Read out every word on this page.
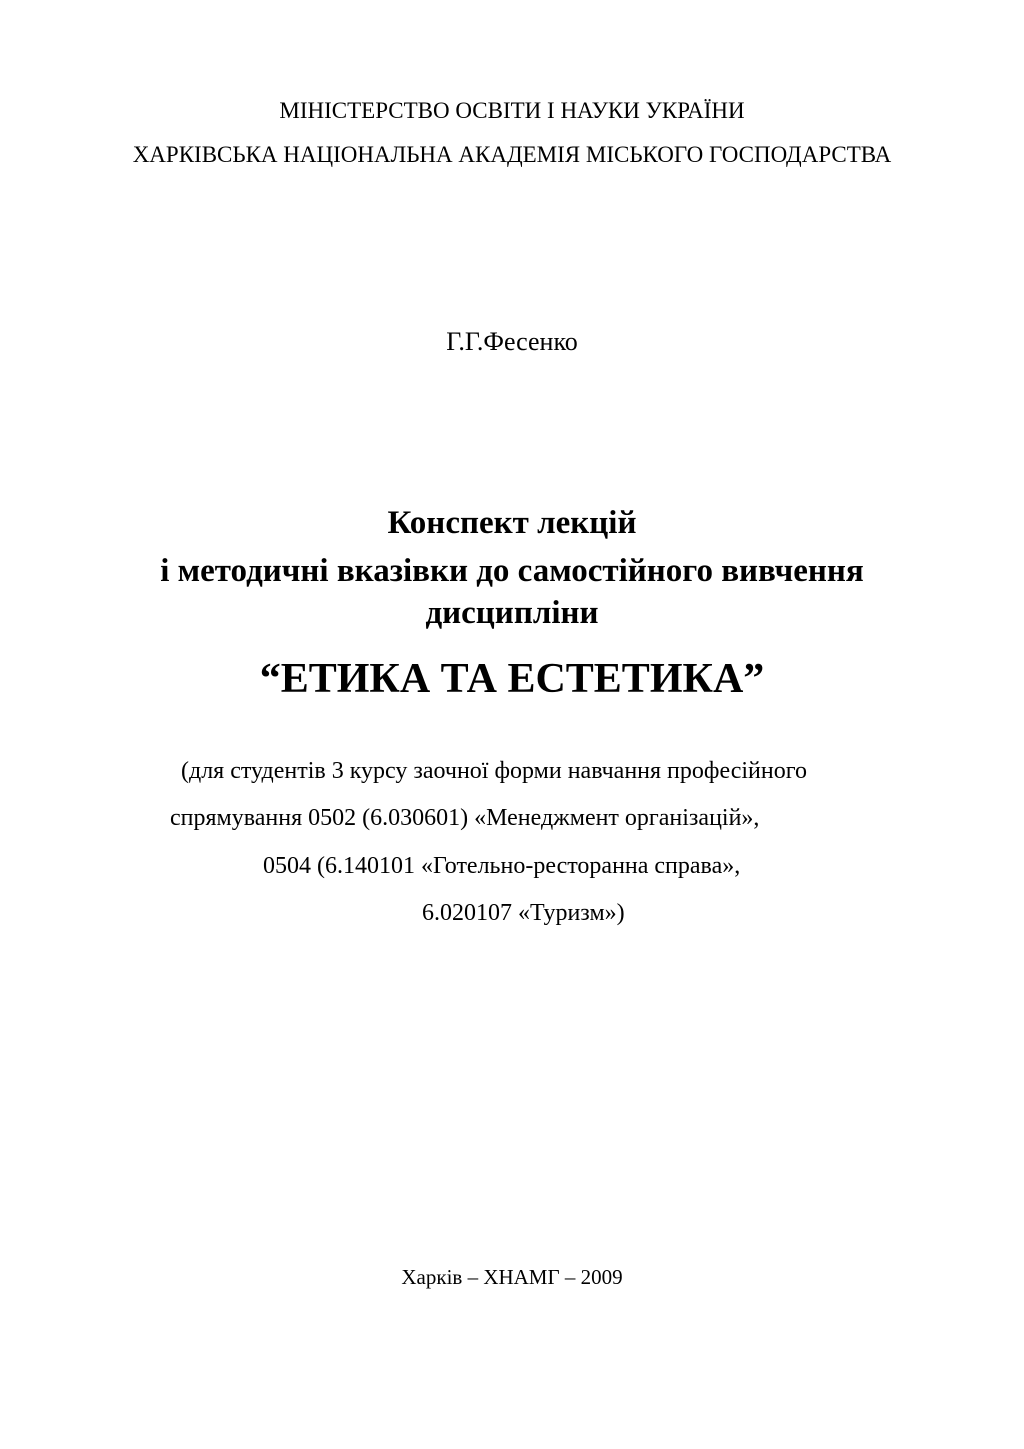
МІНІСТЕРСТВО ОСВІТИ І НАУКИ УКРАЇНИ
ХАРКІВСЬКА НАЦІОНАЛЬНА АКАДЕМІЯ МІСЬКОГО ГОСПОДАРСТВА
Г.Г.Фесенко
Конспект лекцій
і методичні вказівки до самостійного вивчення
дисципліни
“ЕТИКА ТА ЕСТЕТИКА”
(для студентів 3 курсу заочної форми навчання професійного
спрямування 0502 (6.030601) «Менеджмент організацій»,
0504 (6.140101 «Готельно-ресторанна справа»,
6.020107 «Туризм»)
Харків – ХНАМГ – 2009
